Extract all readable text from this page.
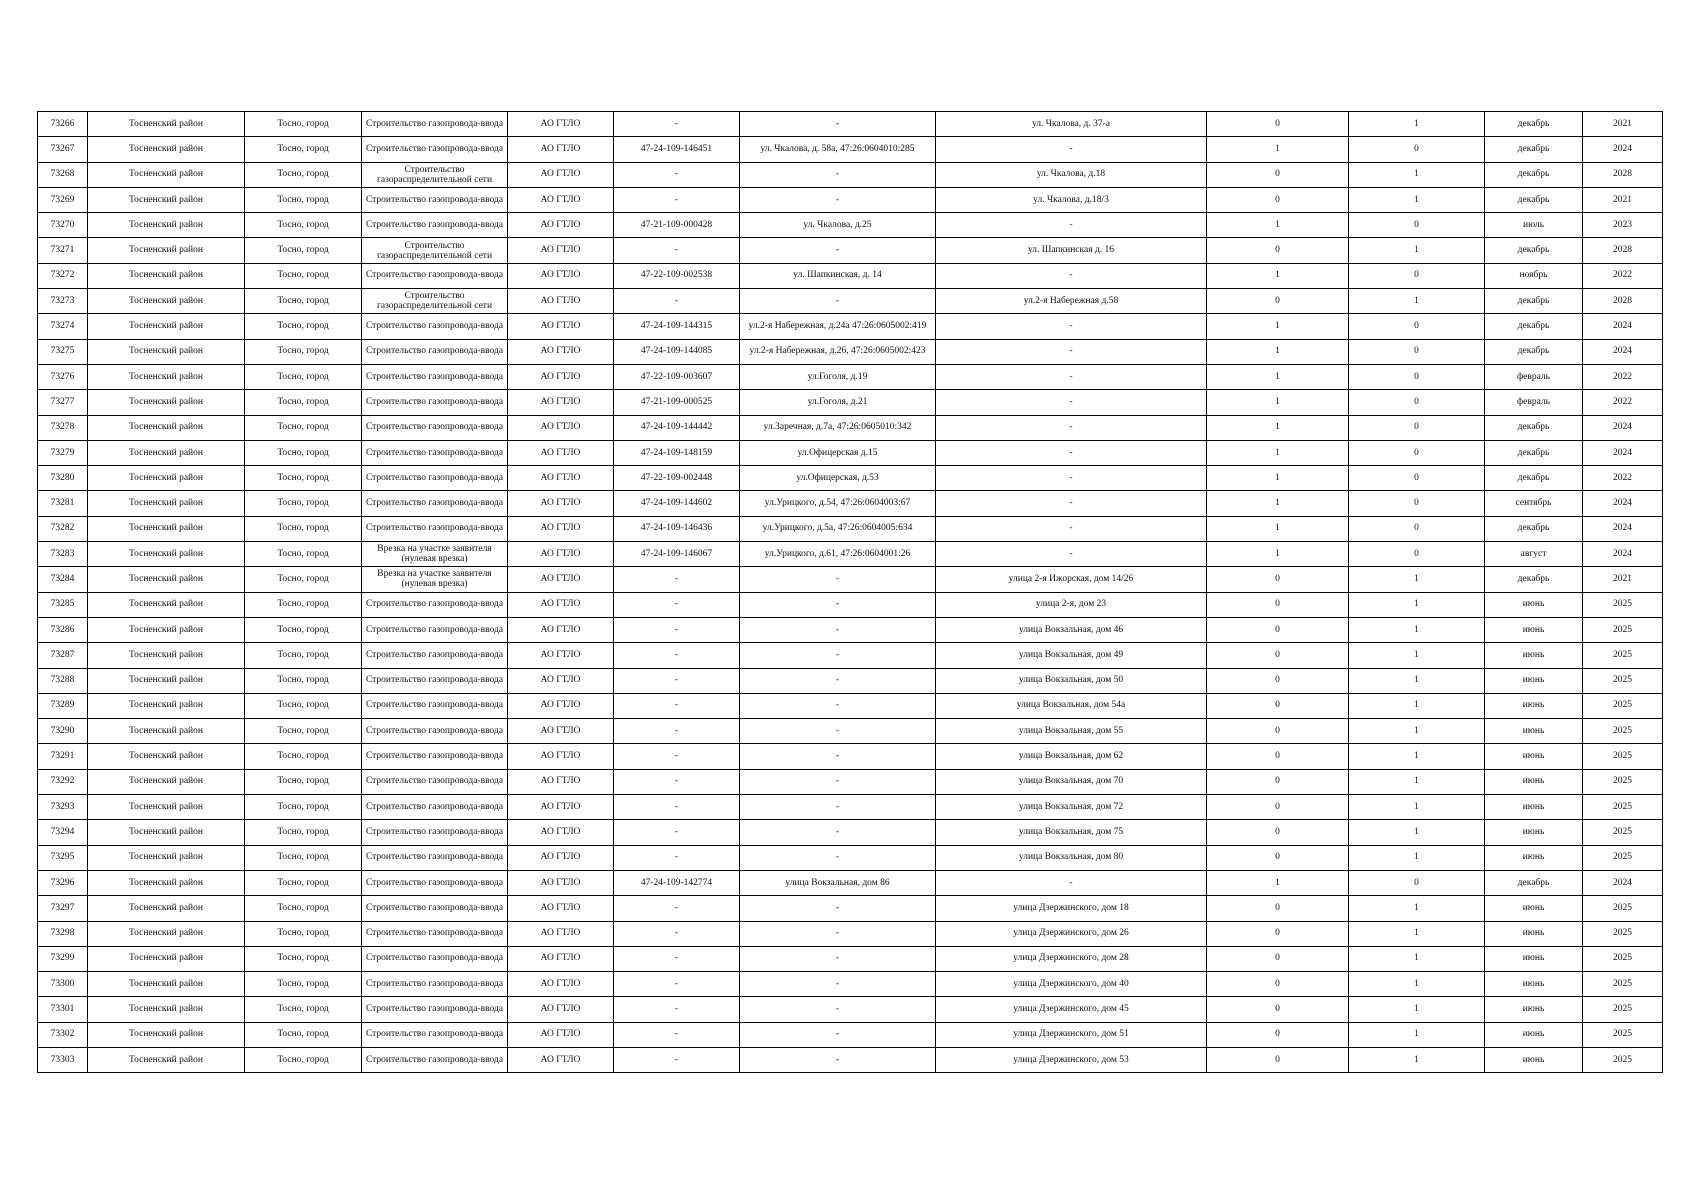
73266	Тосненский район	Тосно, город	Строительство газопровода-ввода	АО ГТЛО	-	-	ул. Чкалова, д. 37-а	0	1	декабрь	2021
73267	Тосненский район	Тосно, город	Строительство газопровода-ввода	АО ГТЛО	47-24-109-146451	ул. Чкалова, д. 58а, 47:26:0604010:285	-	1	0	декабрь	2024
73268	Тосненский район	Тосно, город	Строительство газораспределительной сети	АО ГТЛО	-	-	ул. Чкалова, д.18	0	1	декабрь	2028
73269	Тосненский район	Тосно, город	Строительство газопровода-ввода	АО ГТЛО	-	-	ул. Чкалова, д.18/3	0	1	декабрь	2021
73270	Тосненский район	Тосно, город	Строительство газопровода-ввода	АО ГТЛО	47-21-109-000428	ул. Чкалова, д.25	-	1	0	июль	2023
73271	Тосненский район	Тосно, город	Строительство газораспределительной сети	АО ГТЛО	-	-	ул. Шапкинская д. 16	0	1	декабрь	2028
73272	Тосненский район	Тосно, город	Строительство газопровода-ввода	АО ГТЛО	47-22-109-002538	ул. Шапкинская, д. 14	-	1	0	ноябрь	2022
73273	Тосненский район	Тосно, город	Строительство газораспределительной сети	АО ГТЛО	-	-	ул.2-я Набережная д.58	0	1	декабрь	2028
73274	Тосненский район	Тосно, город	Строительство газопровода-ввода	АО ГТЛО	47-24-109-144315	ул.2-я Набережная, д.24а 47:26:0605002:419	-	1	0	декабрь	2024
73275	Тосненский район	Тосно, город	Строительство газопровода-ввода	АО ГТЛО	47-24-109-144085	ул.2-я Набережная, д.26, 47:26:0605002:423	-	1	0	декабрь	2024
73276	Тосненский район	Тосно, город	Строительство газопровода-ввода	АО ГТЛО	47-22-109-003607	ул.Гоголя, д.19	-	1	0	февраль	2022
73277	Тосненский район	Тосно, город	Строительство газопровода-ввода	АО ГТЛО	47-21-109-000525	ул.Гоголя, д.21	-	1	0	февраль	2022
73278	Тосненский район	Тосно, город	Строительство газопровода-ввода	АО ГТЛО	47-24-109-144442	ул.Заречная, д.7а, 47:26:0605010:342	-	1	0	декабрь	2024
73279	Тосненский район	Тосно, город	Строительство газопровода-ввода	АО ГТЛО	47-24-109-148159	ул.Офицерская д.15	-	1	0	декабрь	2024
73280	Тосненский район	Тосно, город	Строительство газопровода-ввода	АО ГТЛО	47-22-109-002448	ул.Офицерская, д.53	-	1	0	декабрь	2022
73281	Тосненский район	Тосно, город	Строительство газопровода-ввода	АО ГТЛО	47-24-109-144602	ул.Урицкого, д.54, 47:26:0604003:67	-	1	0	сентябрь	2024
73282	Тосненский район	Тосно, город	Строительство газопровода-ввода	АО ГТЛО	47-24-109-146436	ул.Урицкого, д.5а, 47:26:0604005:634	-	1	0	декабрь	2024
73283	Тосненский район	Тосно, город	Врезка на участке заявителя (нулевая врезка)	АО ГТЛО	47-24-109-146067	ул.Урицкого, д.61, 47:26:0604001:26	-	1	0	август	2024
73284	Тосненский район	Тосно, город	Врезка на участке заявителя (нулевая врезка)	АО ГТЛО	-	-	улица 2-я Ижорская, дом 14/26	0	1	декабрь	2021
73285	Тосненский район	Тосно, город	Строительство газопровода-ввода	АО ГТЛО	-	-	улица 2-я, дом 23	0	1	июнь	2025
73286	Тосненский район	Тосно, город	Строительство газопровода-ввода	АО ГТЛО	-	-	улица Вокзальная, дом 46	0	1	июнь	2025
73287	Тосненский район	Тосно, город	Строительство газопровода-ввода	АО ГТЛО	-	-	улица Вокзальная, дом 49	0	1	июнь	2025
73288	Тосненский район	Тосно, город	Строительство газопровода-ввода	АО ГТЛО	-	-	улица Вокзальная, дом 50	0	1	июнь	2025
73289	Тосненский район	Тосно, город	Строительство газопровода-ввода	АО ГТЛО	-	-	улица Вокзальная, дом 54а	0	1	июнь	2025
73290	Тосненский район	Тосно, город	Строительство газопровода-ввода	АО ГТЛО	-	-	улица Вокзальная, дом 55	0	1	июнь	2025
73291	Тосненский район	Тосно, город	Строительство газопровода-ввода	АО ГТЛО	-	-	улица Вокзальная, дом 62	0	1	июнь	2025
73292	Тосненский район	Тосно, город	Строительство газопровода-ввода	АО ГТЛО	-	-	улица Вокзальная, дом 70	0	1	июнь	2025
73293	Тосненский район	Тосно, город	Строительство газопровода-ввода	АО ГТЛО	-	-	улица Вокзальная, дом 72	0	1	июнь	2025
73294	Тосненский район	Тосно, город	Строительство газопровода-ввода	АО ГТЛО	-	-	улица Вокзальная, дом 75	0	1	июнь	2025
73295	Тосненский район	Тосно, город	Строительство газопровода-ввода	АО ГТЛО	-	-	улица Вокзальная, дом 80	0	1	июнь	2025
73296	Тосненский район	Тосно, город	Строительство газопровода-ввода	АО ГТЛО	47-24-109-142774	улица Вокзальная, дом 86	-	1	0	декабрь	2024
73297	Тосненский район	Тосно, город	Строительство газопровода-ввода	АО ГТЛО	-	-	улица Дзержинского, дом 18	0	1	июнь	2025
73298	Тосненский район	Тосно, город	Строительство газопровода-ввода	АО ГТЛО	-	-	улица Дзержинского, дом 26	0	1	июнь	2025
73299	Тосненский район	Тосно, город	Строительство газопровода-ввода	АО ГТЛО	-	-	улица Дзержинского, дом 28	0	1	июнь	2025
73300	Тосненский район	Тосно, город	Строительство газопровода-ввода	АО ГТЛО	-	-	улица Дзержинского, дом 40	0	1	июнь	2025
73301	Тосненский район	Тосно, город	Строительство газопровода-ввода	АО ГТЛО	-	-	улица Дзержинского, дом 45	0	1	июнь	2025
73302	Тосненский район	Тосно, город	Строительство газопровода-ввода	АО ГТЛО	-	-	улица Дзержинского, дом 51	0	1	июнь	2025
73303	Тосненский район	Тосно, город	Строительство газопровода-ввода	АО ГТЛО	-	-	улица Дзержинского, дом 53	0	1	июнь	2025
